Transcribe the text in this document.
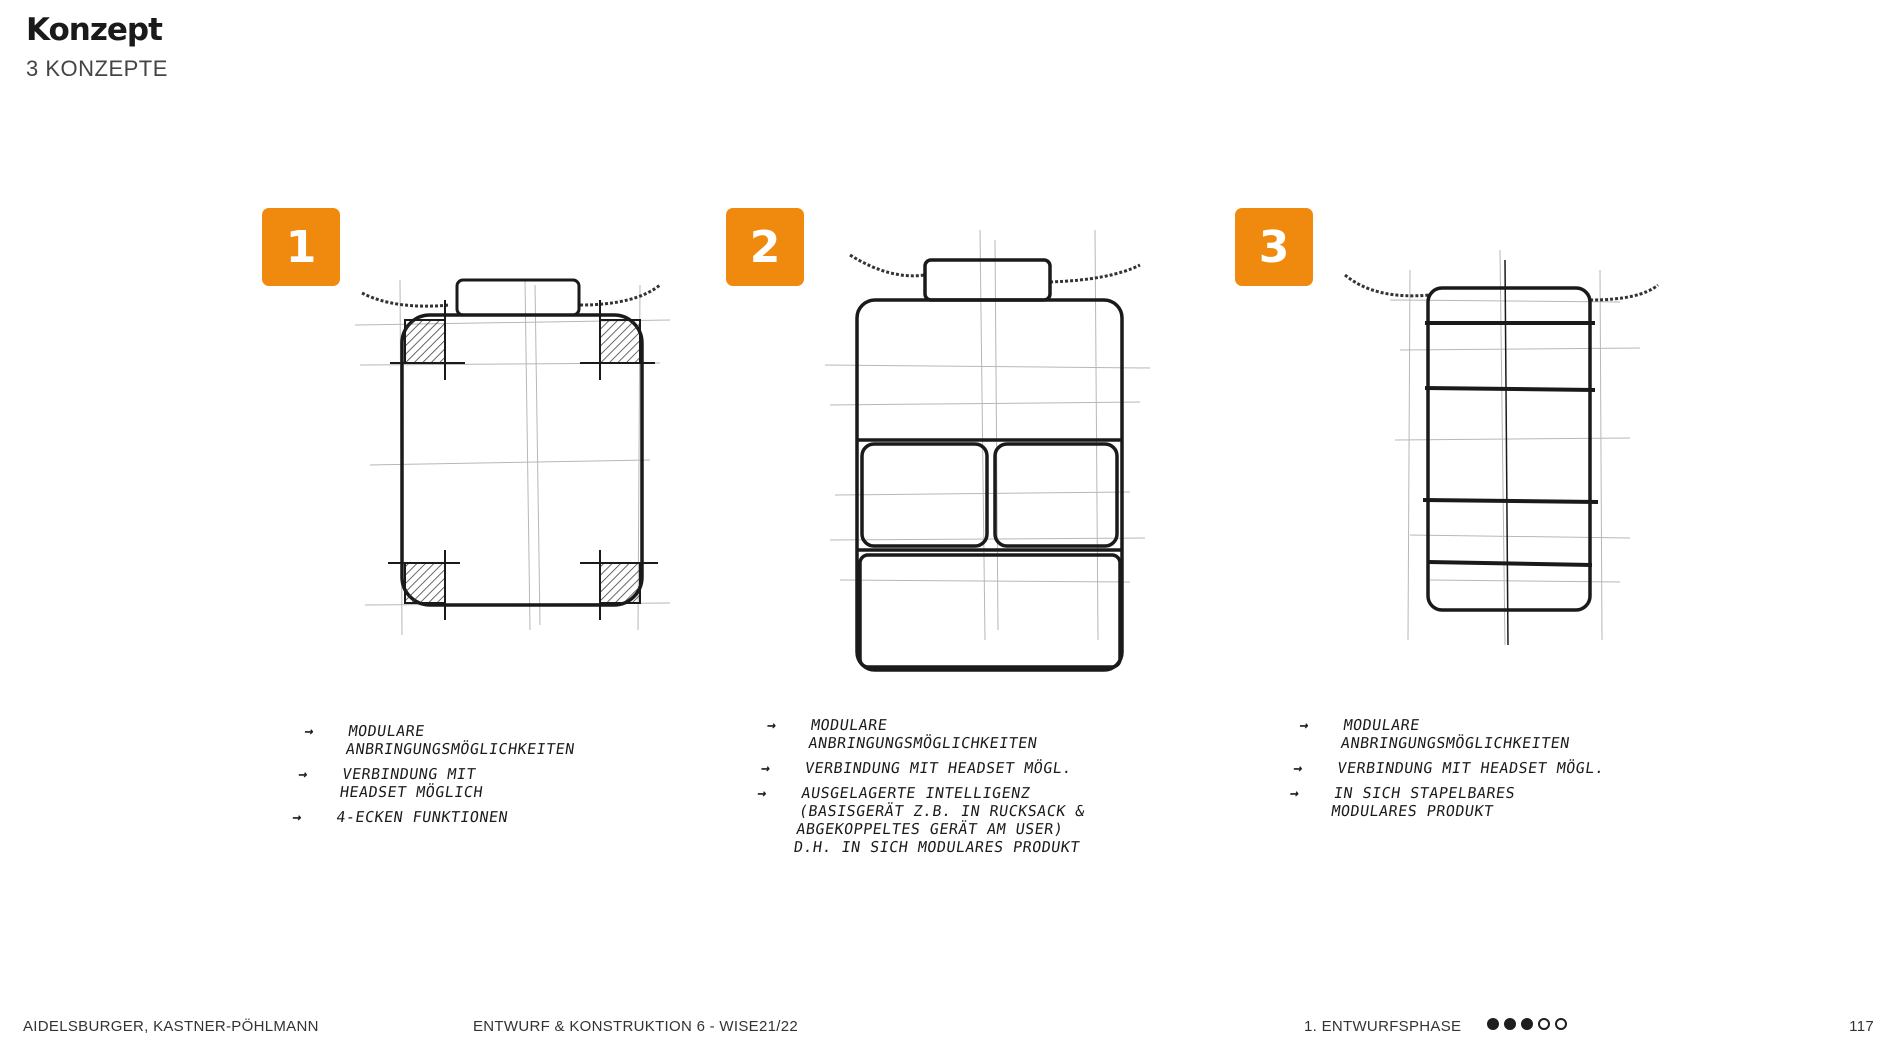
Konzept
3 KONZEPTE
1
→	MODULARE
ANBRINGUNGSMÖGLICHKEITEN
→	VERBINDUNG MIT
HEADSET MÖGLICH
→	4-ECKEN FUNKTIONEN
2
→	MODULARE
ANBRINGUNGSMÖGLICHKEITEN
→	VERBINDUNG MIT HEADSET MÖGL.
→	AUSGELAGERTE INTELLIGENZ
(BASISGERÄT Z.B. IN RUCKSACK &
ABGEKOPPELTES GERÄT AM USER)
D.H. IN SICH MODULARES PRODUKT
3
→	MODULARE
ANBRINGUNGSMÖGLICHKEITEN
→	VERBINDUNG MIT HEADSET MÖGL.
→	IN SICH STAPELBARES
MODULARES PRODUKT
AIDELSBURGER, KASTNER-PÖHLMANN	ENTWURF & KONSTRUKTION 6 - WISE21/22	1. ENTWURFSPHASE	117
